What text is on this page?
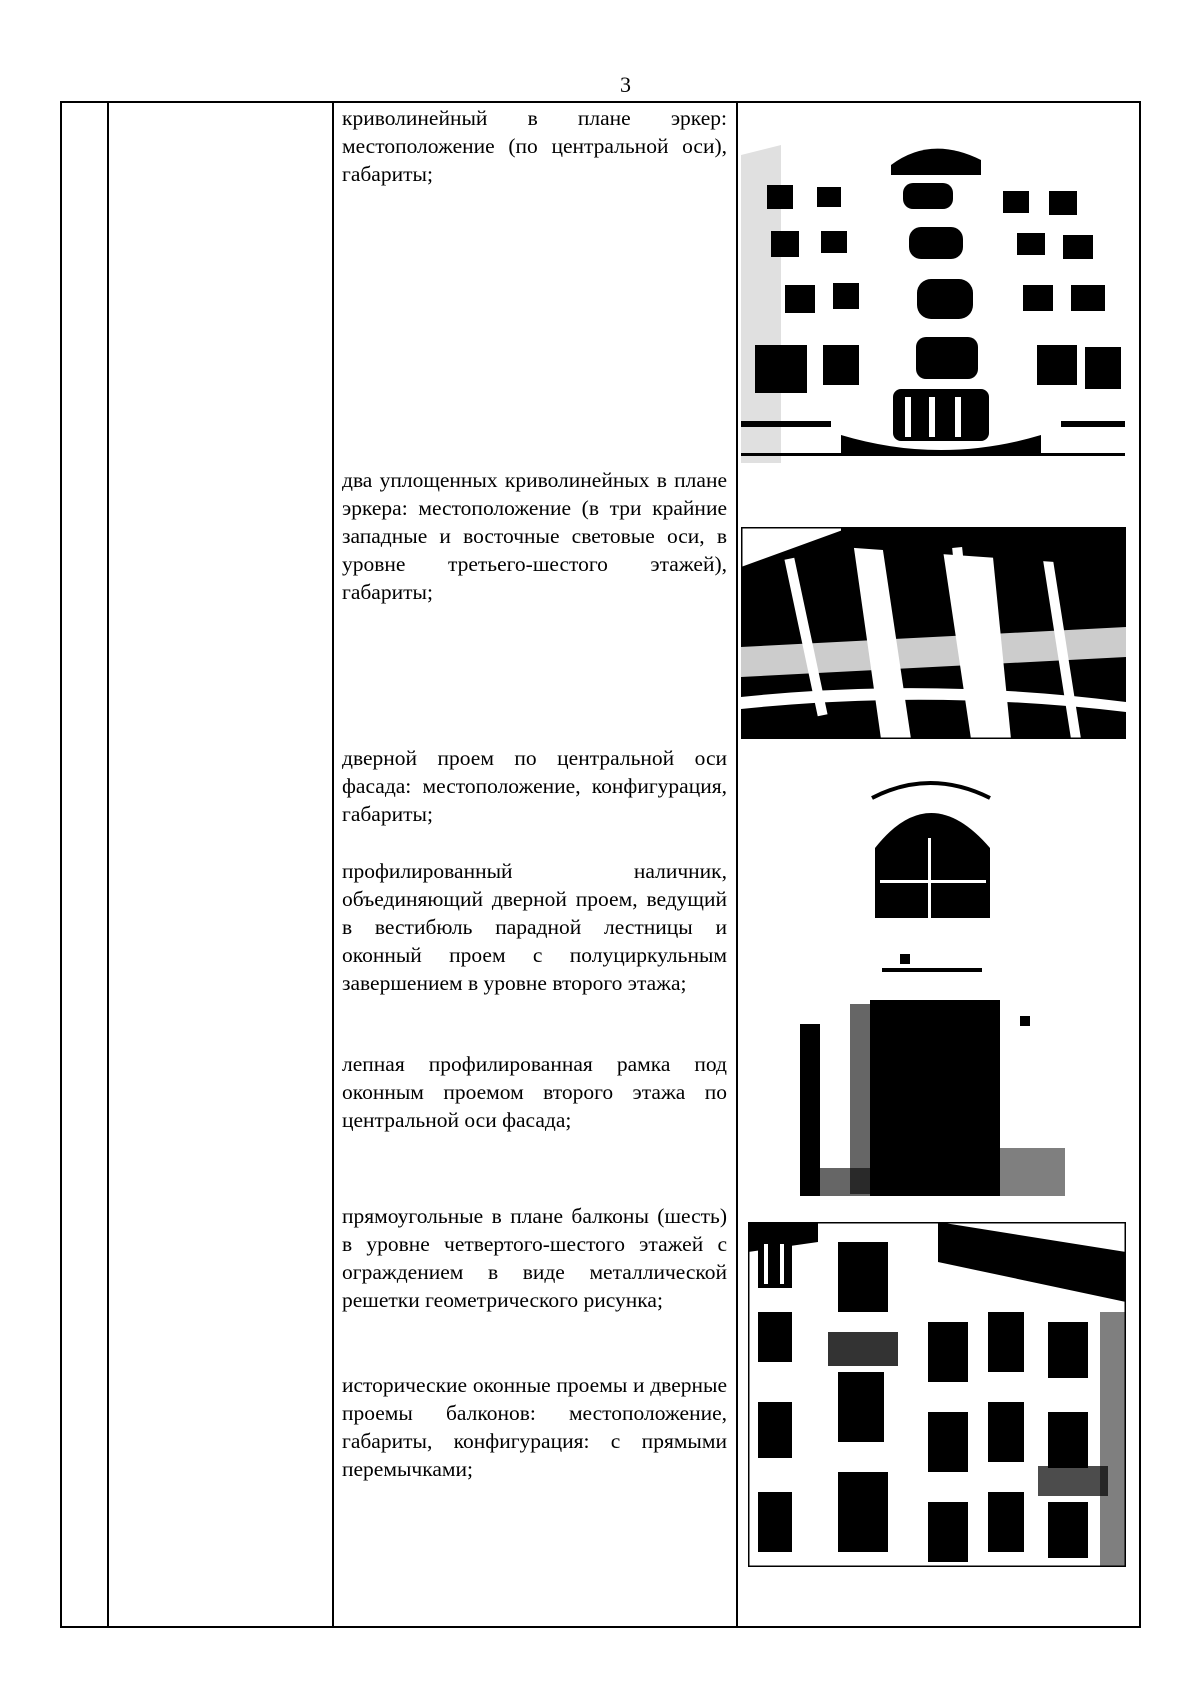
3
криволинейный в плане эркер: местоположение (по центральной оси), габариты;
два уплощенных криволинейных в плане эркера: местоположение (в три крайние западные и восточные световые оси, в уровне третьего-шестого этажей), габариты;
дверной проем по центральной оси фасада: местоположение, конфигурация, габариты;
профилированный наличник, объединяющий дверной проем, ведущий в вестибюль парадной лестницы и оконный проем с полуциркульным завершением в уровне второго этажа;
лепная профилированная рамка под оконным проемом второго этажа по центральной оси фасада;
прямоугольные в плане балконы (шесть) в уровне четвертого-шестого этажей с ограждением в виде металлической решетки геометрического рисунка;
исторические оконные проемы и дверные проемы балконов: местоположение, габариты, конфигурация: с прямыми перемычками;
